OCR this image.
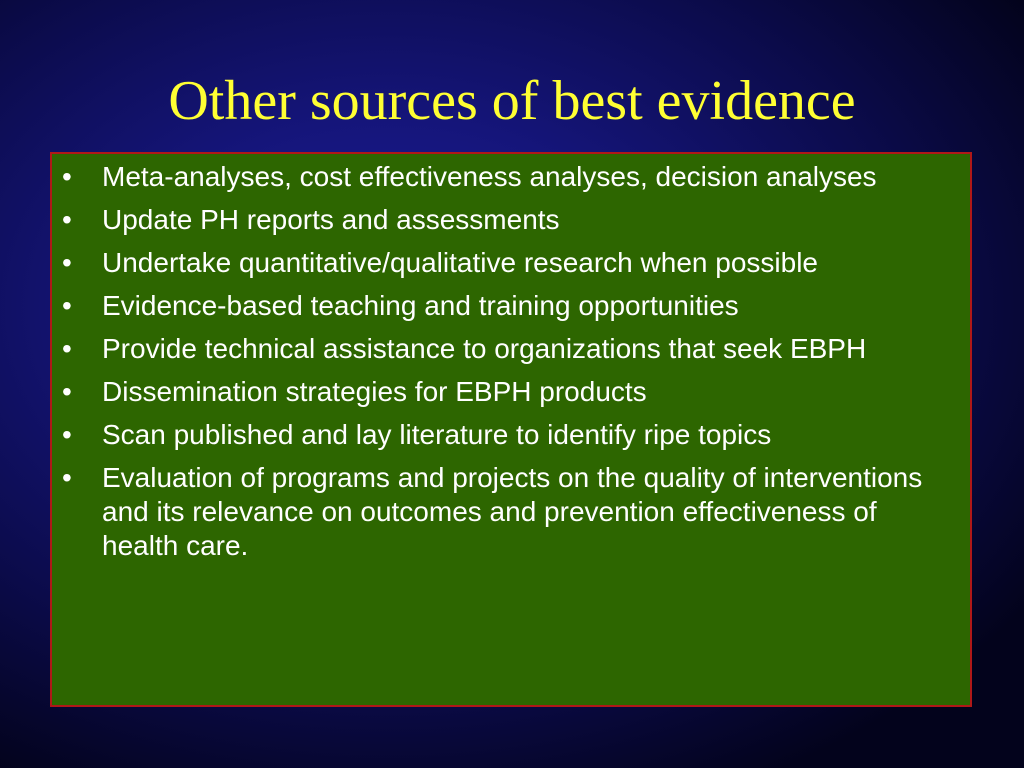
Other sources of best evidence
•	Meta-analyses, cost effectiveness analyses, decision analyses
•	Update PH reports and assessments
•	Undertake quantitative/qualitative research when possible
•	Evidence-based teaching and training opportunities
•	Provide technical assistance to organizations that seek EBPH
•	Dissemination strategies for EBPH products
•	Scan published and lay literature to identify ripe topics
•	Evaluation of programs and projects on the quality of interventions and its relevance on outcomes and prevention effectiveness of health care.
